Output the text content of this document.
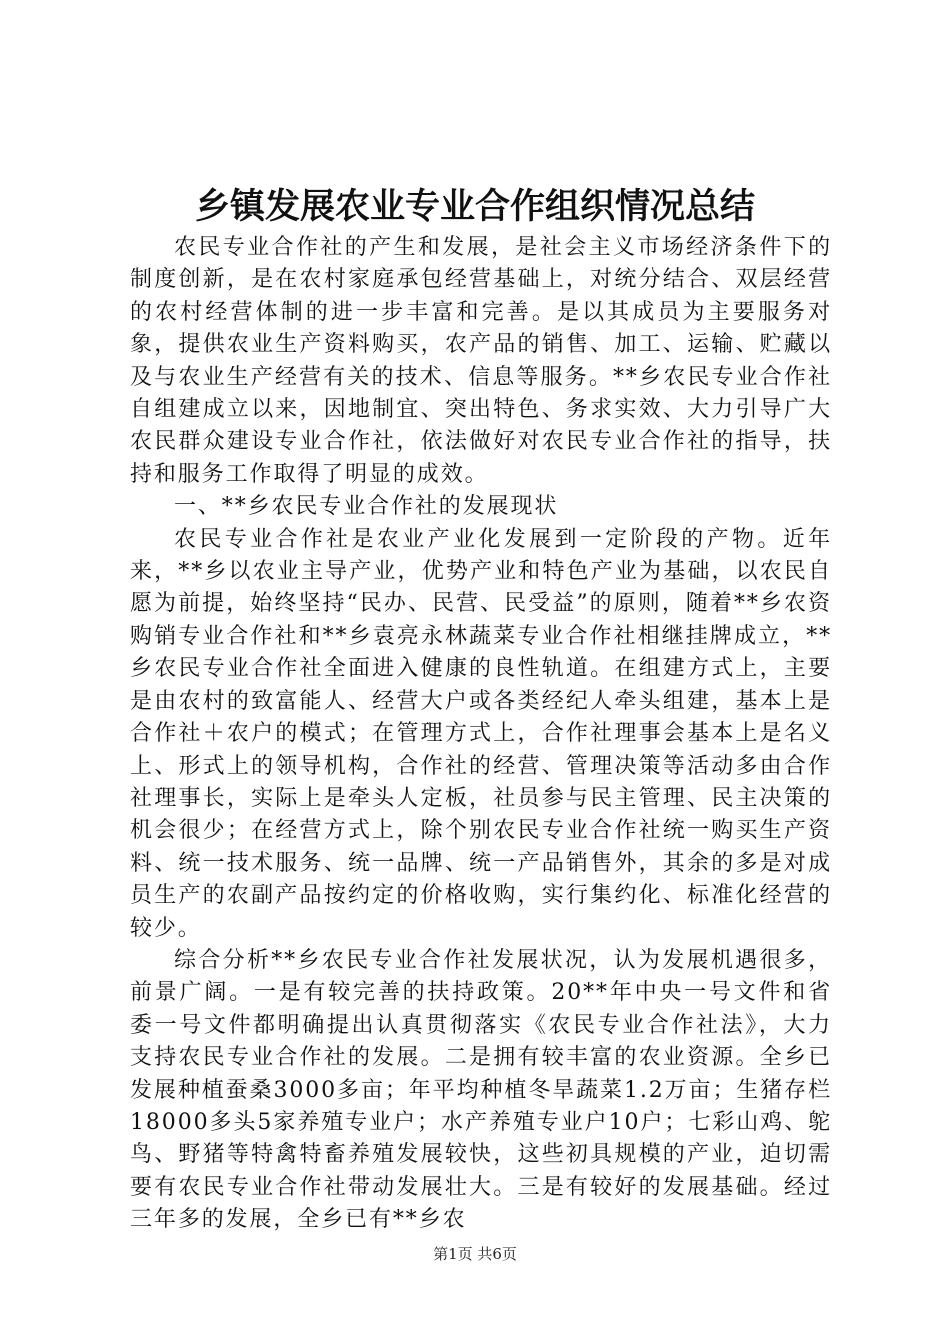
乡镇发展农业专业合作组织情况总结

农民专业合作社的产生和发展，是社会主义市场经济条件下的制度创新，是在农村家庭承包经营基础上，对统分结合、双层经营的农村经营体制的进一步丰富和完善。是以其成员为主要服务对象，提供农业生产资料购买，农产品的销售、加工、运输、贮藏以及与农业生产经营有关的技术、信息等服务。**乡农民专业合作社自组建成立以来，因地制宜、突出特色、务求实效、大力引导广大农民群众建设专业合作社，依法做好对农民专业合作社的指导，扶持和服务工作取得了明显的成效。

一、**乡农民专业合作社的发展现状

农民专业合作社是农业产业化发展到一定阶段的产物。近年来，**乡以农业主导产业，优势产业和特色产业为基础，以农民自愿为前提，始终坚持“民办、民营、民受益”的原则，随着**乡农资购销专业合作社和**乡袁亮永林蔬菜专业合作社相继挂牌成立，**乡农民专业合作社全面进入健康的良性轨道。在组建方式上，主要是由农村的致富能人、经营大户或各类经纪人牵头组建，基本上是合作社＋农户的模式；在管理方式上，合作社理事会基本上是名义上、形式上的领导机构，合作社的经营、管理决策等活动多由合作社理事长，实际上是牵头人定板，社员参与民主管理、民主决策的机会很少；在经营方式上，除个别农民专业合作社统一购买生产资料、统一技术服务、统一品牌、统一产品销售外，其余的多是对成员生产的农副产品按约定的价格收购，实行集约化、标准化经营的较少。

综合分析**乡农民专业合作社发展状况，认为发展机遇很多，前景广阔。一是有较完善的扶持政策。20**年中央一号文件和省委一号文件都明确提出认真贯彻落实《农民专业合作社法》，大力支持农民专业合作社的发展。二是拥有较丰富的农业资源。全乡已发展种植蚕桑3000多亩；年平均种植冬旱蔬菜1.2万亩；生猪存栏18000多头5家养殖专业户；水产养殖专业户10户；七彩山鸡、鸵鸟、野猪等特禽特畜养殖发展较快，这些初具规模的产业，迫切需要有农民专业合作社带动发展壮大。三是有较好的发展基础。经过三年多的发展，全乡已有**乡农

第1页 共6页
